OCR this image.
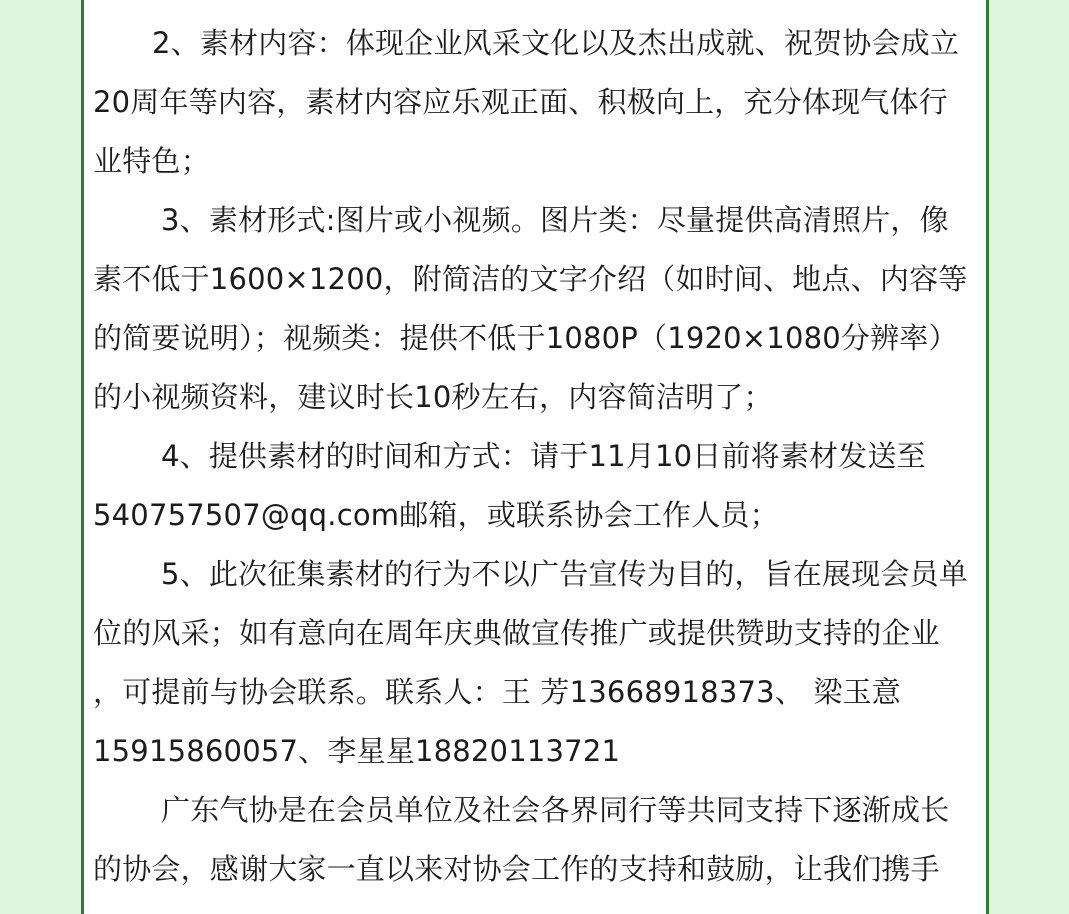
2、素材内容：体现企业风采文化以及杰出成就、祝贺协会成立
20周年等内容，素材内容应乐观正面、积极向上，充分体现气体行
业特色；
3、素材形式:图片或小视频。图片类：尽量提供高清照片，像
素不低于1600×1200，附简洁的文字介绍（如时间、地点、内容等
的简要说明）；视频类：提供不低于1080P（1920×1080分辨率）
的小视频资料，建议时长10秒左右，内容简洁明了；
4、提供素材的时间和方式：请于11月10日前将素材发送至
540757507@qq.com邮箱，或联系协会工作人员；
5、此次征集素材的行为不以广告宣传为目的，旨在展现会员单
位的风采；如有意向在周年庆典做宣传推广或提供赞助支持的企业
，可提前与协会联系。联系人：王 芳13668918373、 梁玉意
15915860057、李星星18820113721
广东气协是在会员单位及社会各界同行等共同支持下逐渐成长
的协会，感谢大家一直以来对协会工作的支持和鼓励，让我们携手
